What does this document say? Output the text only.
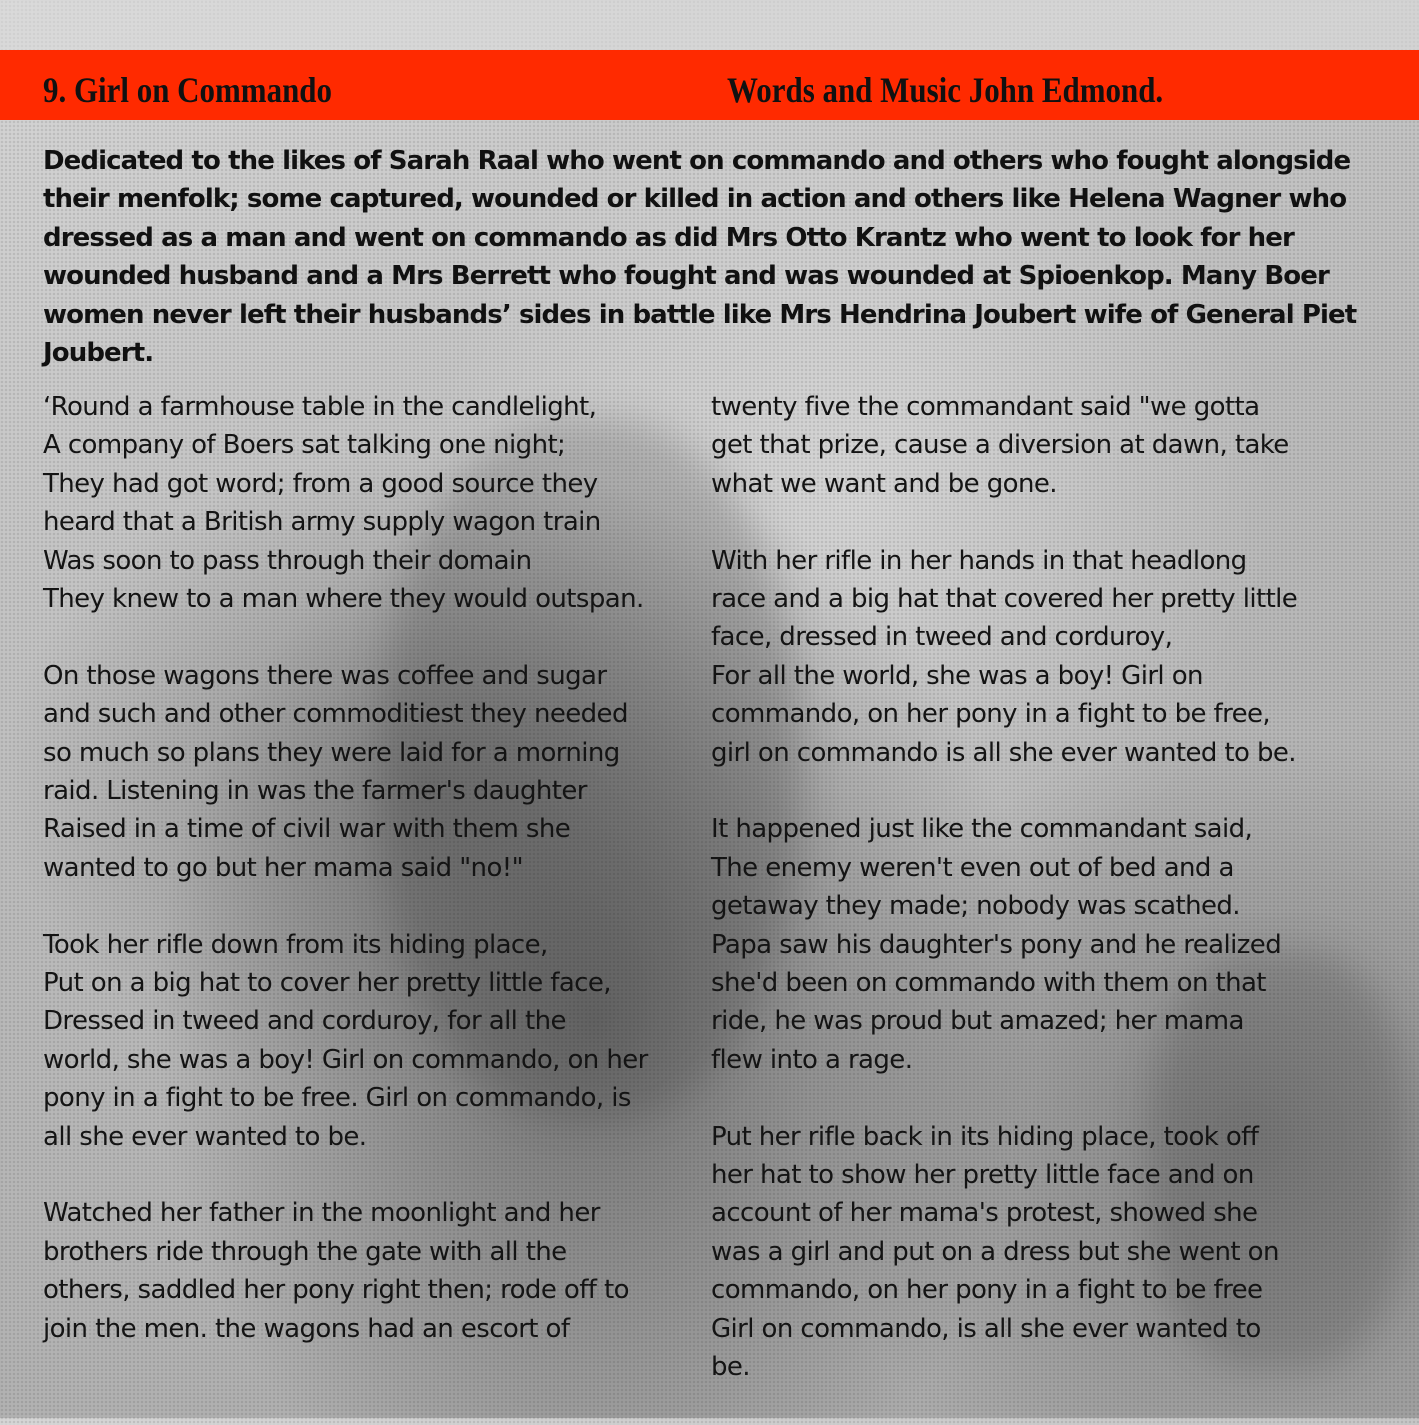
9. Girl on Commando	Words and Music John Edmond.

Dedicated to the likes of Sarah Raal who went on commando and others who fought alongside their menfolk; some captured, wounded or killed in action and others like Helena Wagner who dressed as a man and went on commando as did Mrs Otto Krantz who went to look for her wounded husband and a Mrs Berrett who fought and was wounded at Spioenkop. Many Boer women never left their husbands’ sides in battle like Mrs Hendrina Joubert wife of General Piet Joubert.

‘Round a farmhouse table in the candlelight,
A company of Boers sat talking one night;
They had got word; from a good source they
heard that a British army supply wagon train
Was soon to pass through their domain
They knew to a man where they would outspan.
On those wagons there was coffee and sugar
and such and other commoditiest they needed
so much so plans they were laid for a morning
raid. Listening in was the farmer's daughter
Raised in a time of civil war with them she
wanted to go but her mama said "no!"
Took her rifle down from its hiding place,
Put on a big hat to cover her pretty little face,
Dressed in tweed and corduroy, for all the
world, she was a boy! Girl on commando, on her
pony in a fight to be free. Girl on commando, is
all she ever wanted to be.
Watched her father in the moonlight and her
brothers ride through the gate with all the
others, saddled her pony right then; rode off to
join the men. the wagons had an escort of
twenty five the commandant said "we gotta
get that prize, cause a diversion at dawn, take
what we want and be gone.
With her rifle in her hands in that headlong
race and a big hat that covered her pretty little
face, dressed in tweed and corduroy,
For all the world, she was a boy! Girl on
commando, on her pony in a fight to be free,
girl on commando is all she ever wanted to be.
It happened just like the commandant said,
The enemy weren't even out of bed and a
getaway they made; nobody was scathed.
Papa saw his daughter's pony and he realized
she'd been on commando with them on that
ride, he was proud but amazed; her mama
flew into a rage.
Put her rifle back in its hiding place, took off
her hat to show her pretty little face and on
account of her mama's protest, showed she
was a girl and put on a dress but she went on
commando, on her pony in a fight to be free
Girl on commando, is all she ever wanted to
be.
